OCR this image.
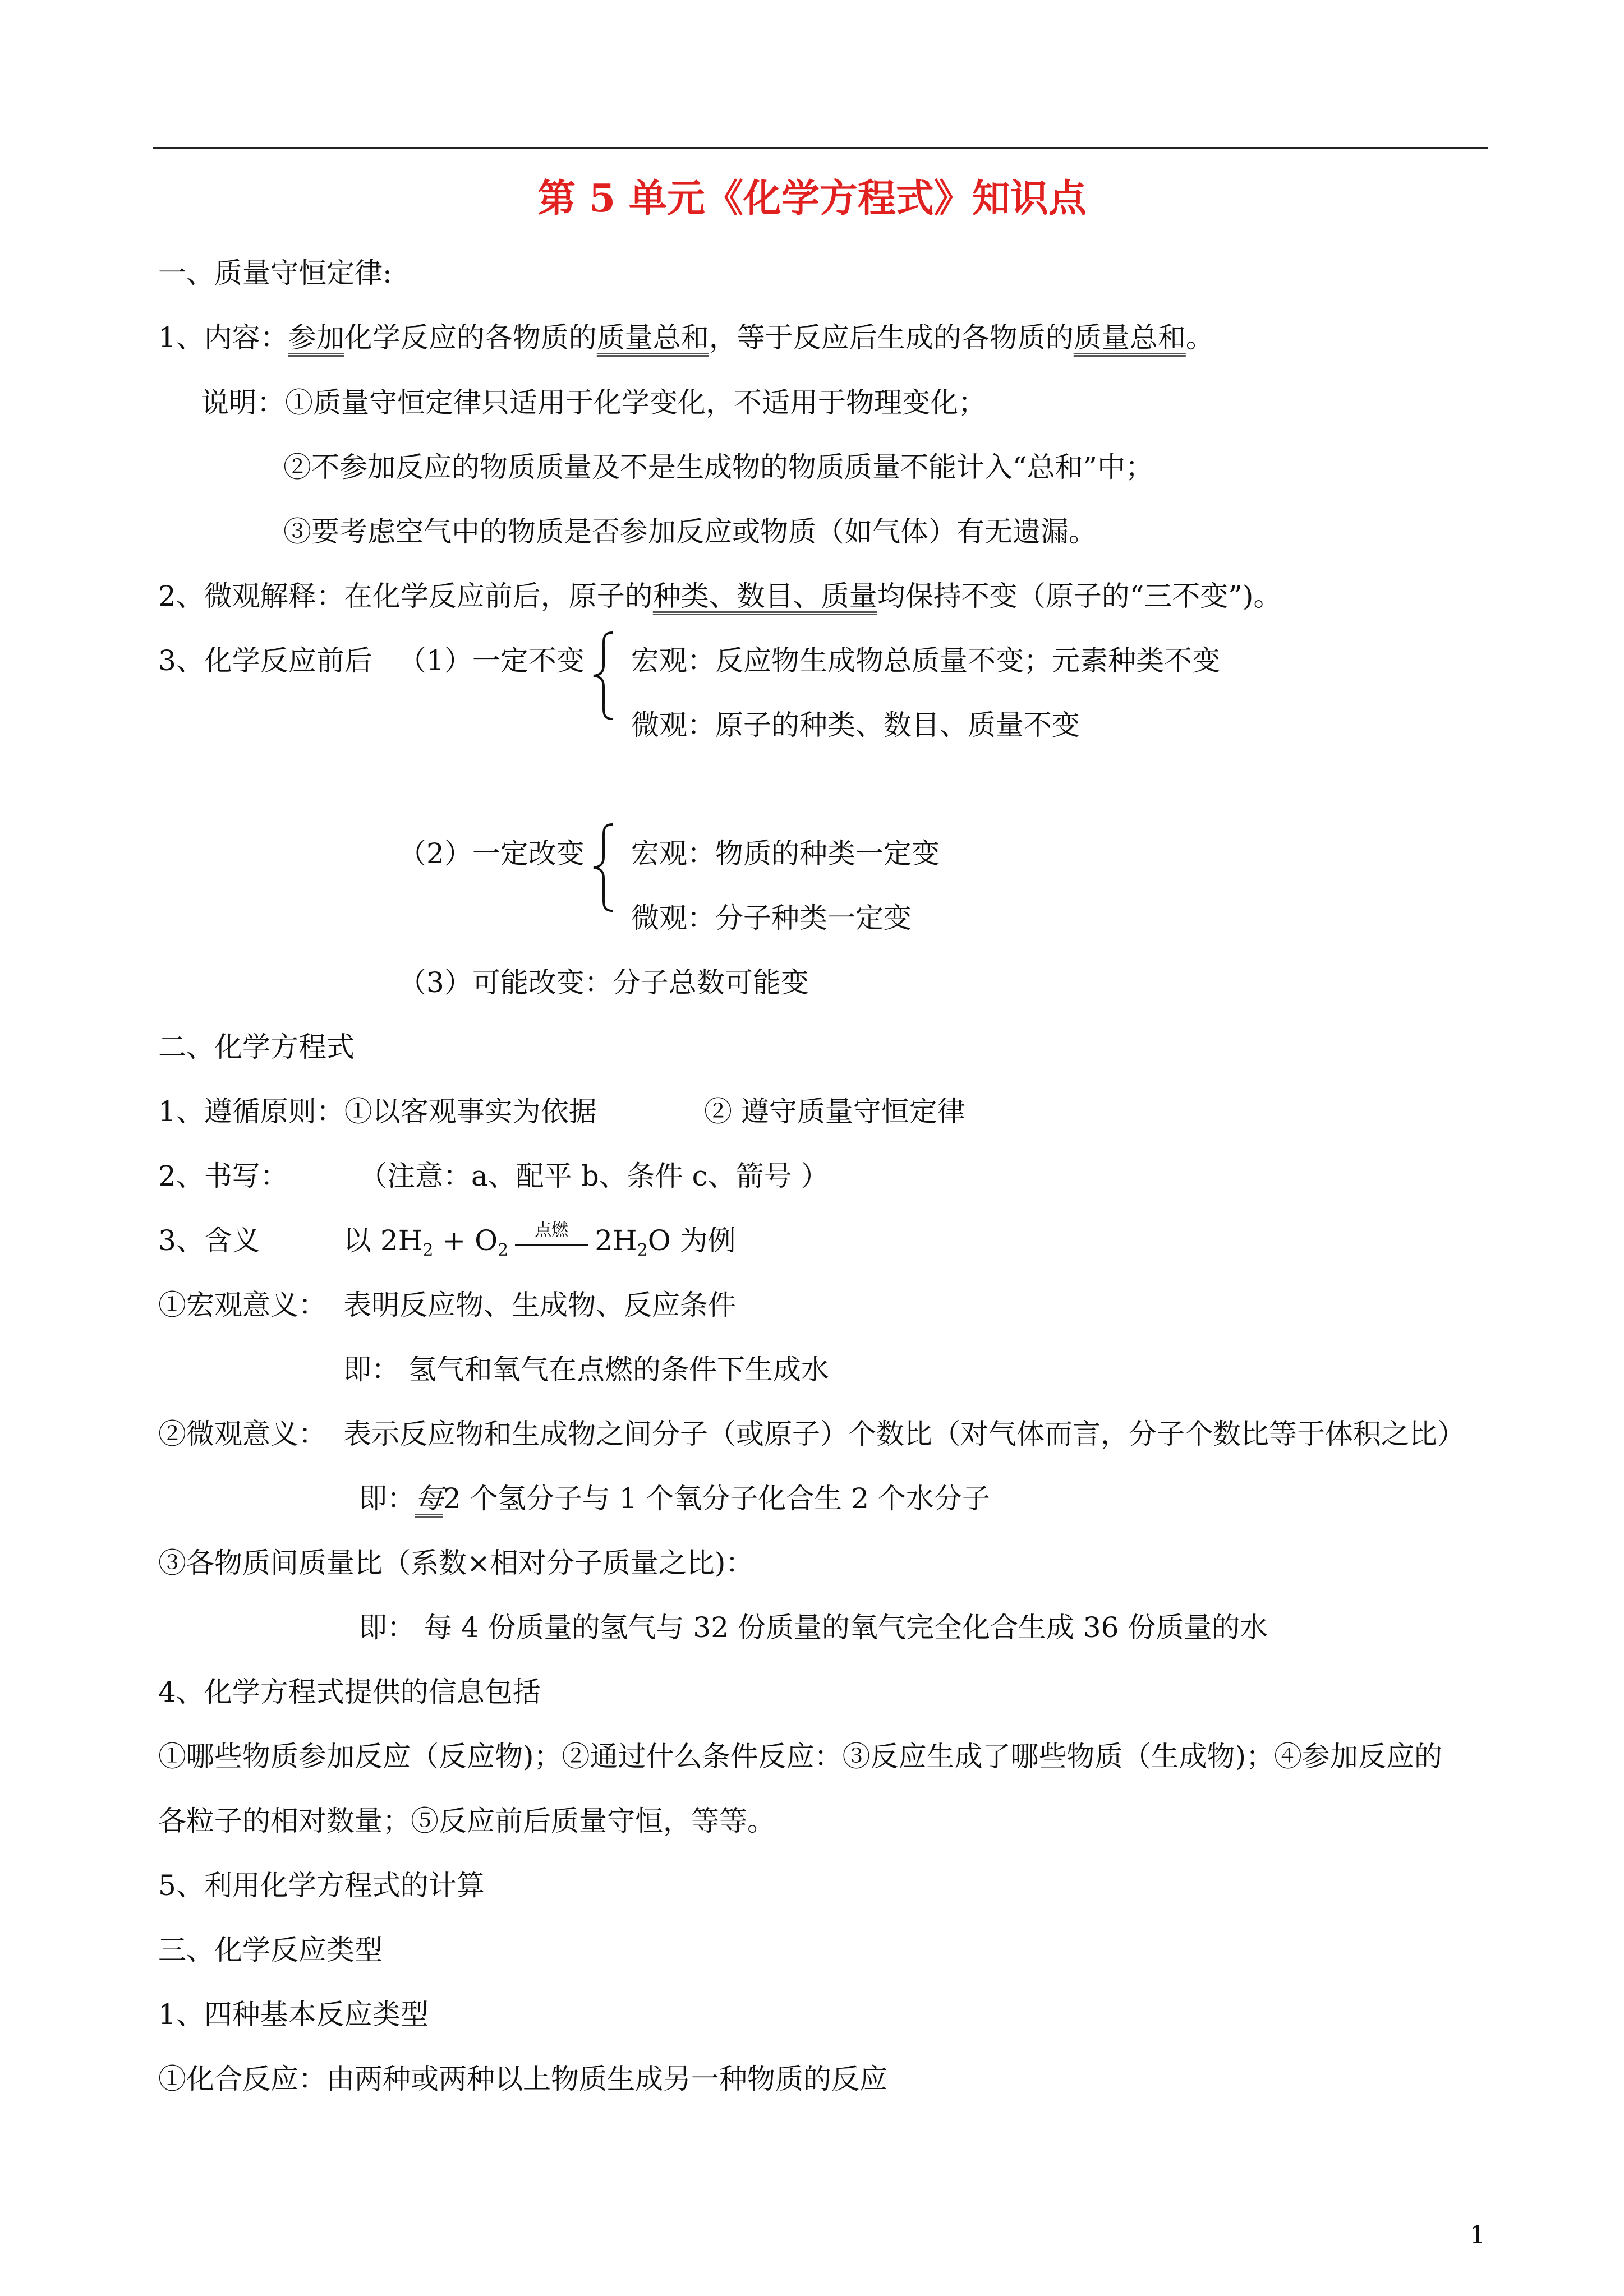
第 5 单元《化学方程式》知识点
一、质量守恒定律:
1、内容：参加化学反应的各物质的质量总和，等于反应后生成的各物质的质量总和。
说明：①质量守恒定律只适用于化学变化，不适用于物理变化；
②不参加反应的物质质量及不是生成物的物质质量不能计入“总和”中；
③要考虑空气中的物质是否参加反应或物质（如气体）有无遗漏。
2、微观解释：在化学反应前后，原子的种类、数目、质量均保持不变（原子的“三不变”)。
3、化学反应前后 （1）一定不变 宏观：反应物生成物总质量不变；元素种类不变
微观：原子的种类、数目、质量不变
（2）一定改变 宏观：物质的种类一定变
微观：分子种类一定变
（3）可能改变：分子总数可能变
二、化学方程式
1、遵循原则：①以客观事实为依据	② 遵守质量守恒定律
2、书写：	（注意：a、配平 b、条件 c、箭号 ）
3、含义	以 $2H_2 + O_2$
点燃 $2H_2O$ 为例
①宏观意义： 表明反应物、生成物、反应条件
即： 氢气和氧气在点燃的条件下生成水
②微观意义： 表示反应物和生成物之间分子（或原子）个数比（对气体而言，分子个数比等于体积之比）
即：每2 个氢分子与 1 个氧分子化合生 2 个水分子
③各物质间质量比（系数×相对分子质量之比)：
即： 每 4 份质量的氢气与 32 份质量的氧气完全化合生成 36 份质量的水
4、化学方程式提供的信息包括
①哪些物质参加反应（反应物)；②通过什么条件反应：③反应生成了哪些物质（生成物)；④参加反应的
各粒子的相对数量；⑤反应前后质量守恒，等等。
5、利用化学方程式的计算
三、化学反应类型
1、四种基本反应类型
①化合反应：由两种或两种以上物质生成另一种物质的反应
1
